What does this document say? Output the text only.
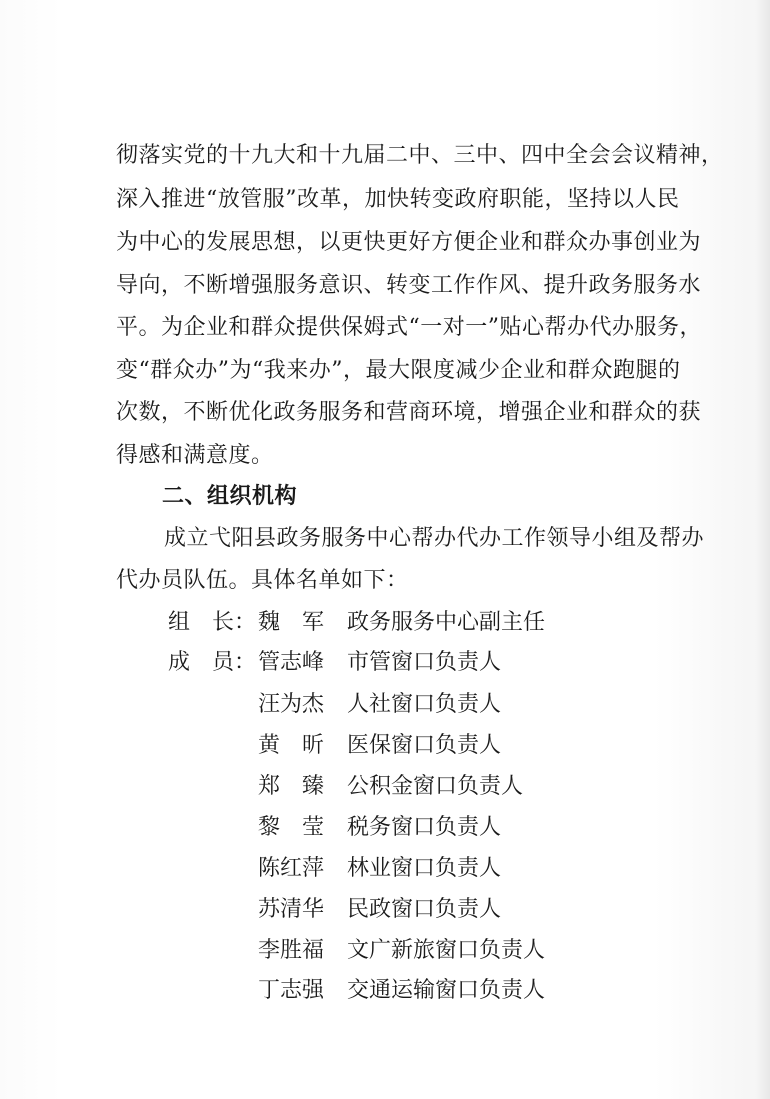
彻落实党的十九大和十九届二中、三中、四中全会会议精神，
深入推进“放管服”改革，加快转变政府职能，坚持以人民
为中心的发展思想，以更快更好方便企业和群众办事创业为
导向，不断增强服务意识、转变工作作风、提升政务服务水
平。为企业和群众提供保姆式“一对一”贴心帮办代办服务，
变“群众办”为“我来办”，最大限度减少企业和群众跑腿的
次数，不断优化政务服务和营商环境，增强企业和群众的获
得感和满意度。
二、组织机构
成立弋阳县政务服务中心帮办代办工作领导小组及帮办
代办员队伍。具体名单如下：
组　长： 魏　军	政务服务中心副主任
成　员： 管志峰	市管窗口负责人
汪为杰	人社窗口负责人
黄　昕	医保窗口负责人
郑　臻	公积金窗口负责人
黎　莹	税务窗口负责人
陈红萍	林业窗口负责人
苏清华	民政窗口负责人
李胜福	文广新旅窗口负责人
丁志强	交通运输窗口负责人
